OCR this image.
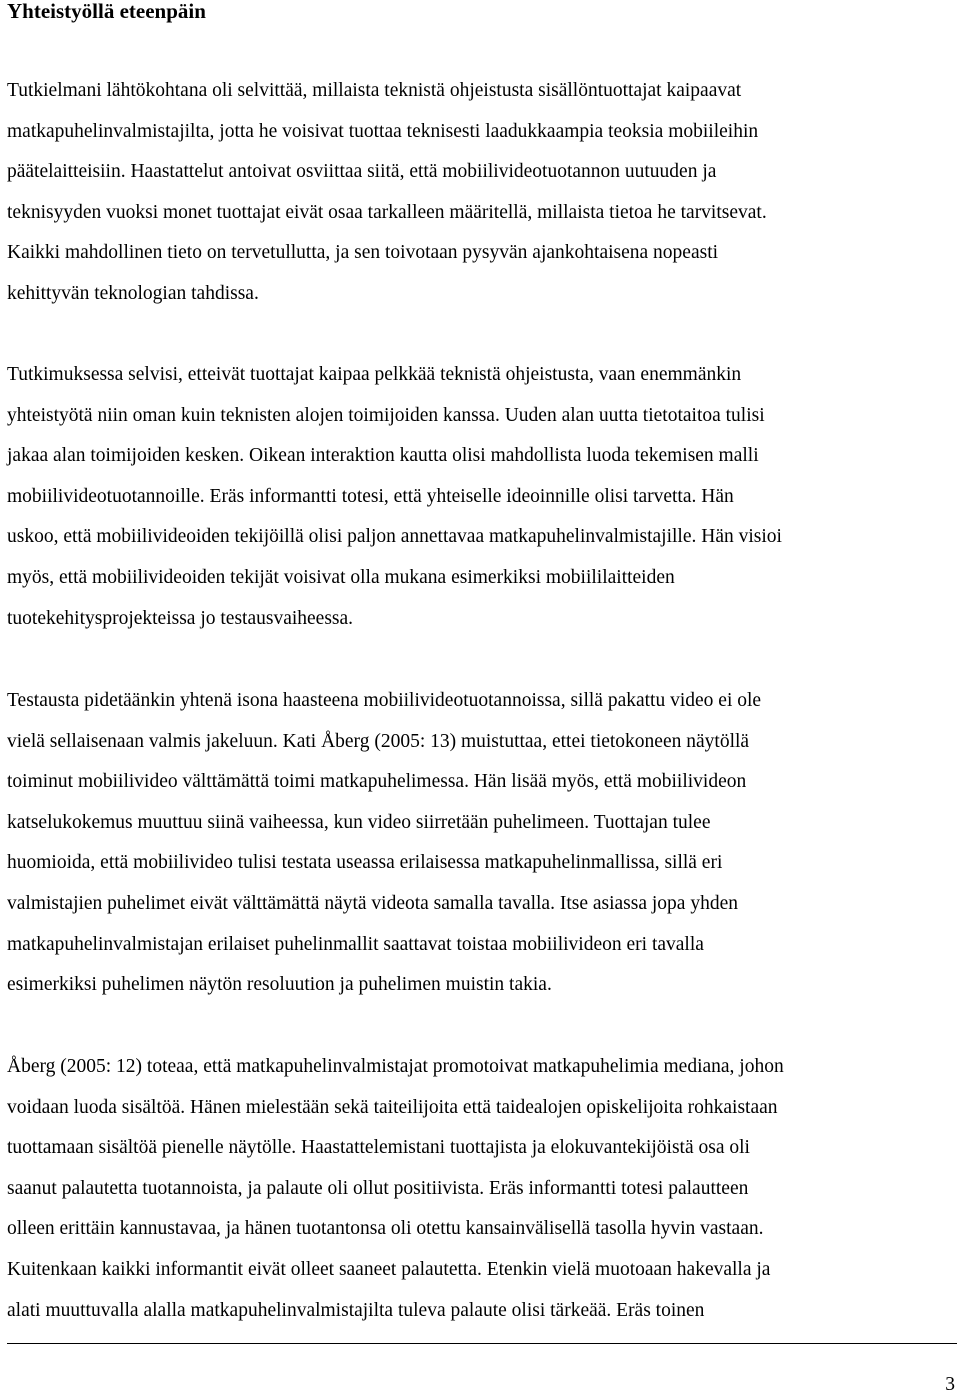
Yhteistyöllä eteenpäin
Tutkielmani lähtökohtana oli selvittää, millaista teknistä ohjeistusta sisällöntuottajat kaipaavat
matkapuhelinvalmistajilta, jotta he voisivat tuottaa teknisesti laadukkaampia teoksia mobiileihin
päätelaitteisiin. Haastattelut antoivat osviittaa siitä, että mobiilivideotuotannon uutuuden ja
teknisyyden vuoksi monet tuottajat eivät osaa tarkalleen määritellä, millaista tietoa he tarvitsevat.
Kaikki mahdollinen tieto on tervetullutta, ja sen toivotaan pysyvän ajankohtaisena nopeasti
kehittyvän teknologian tahdissa.
Tutkimuksessa selvisi, etteivät tuottajat kaipaa pelkkää teknistä ohjeistusta, vaan enemmänkin
yhteistyötä niin oman kuin teknisten alojen toimijoiden kanssa. Uuden alan uutta tietotaitoa tulisi
jakaa alan toimijoiden kesken. Oikean interaktion kautta olisi mahdollista luoda tekemisen malli
mobiilivideotuotannoille. Eräs informantti totesi, että yhteiselle ideoinnille olisi tarvetta. Hän
uskoo, että mobiilivideoiden tekijöillä olisi paljon annettavaa matkapuhelinvalmistajille. Hän visioi
myös, että mobiilivideoiden tekijät voisivat olla mukana esimerkiksi mobiililaitteiden
tuotekehitysprojekteissa jo testausvaiheessa.
Testausta pidetäänkin yhtenä isona haasteena mobiilivideotuotannoissa, sillä pakattu video ei ole
vielä sellaisenaan valmis jakeluun. Kati Åberg (2005: 13) muistuttaa, ettei tietokoneen näytöllä
toiminut mobiilivideo välttämättä toimi matkapuhelimessa. Hän lisää myös, että mobiilivideon
katselukokemus muuttuu siinä vaiheessa, kun video siirretään puhelimeen. Tuottajan tulee
huomioida, että mobiilivideo tulisi testata useassa erilaisessa matkapuhelinmallissa, sillä eri
valmistajien puhelimet eivät välttämättä näytä videota samalla tavalla. Itse asiassa jopa yhden
matkapuhelinvalmistajan erilaiset puhelinmallit saattavat toistaa mobiilivideon eri tavalla
esimerkiksi puhelimen näytön resoluution ja puhelimen muistin takia.
Åberg (2005: 12) toteaa, että matkapuhelinvalmistajat promotoivat matkapuhelimia mediana, johon
voidaan luoda sisältöä. Hänen mielestään sekä taiteilijoita että taidealojen opiskelijoita rohkaistaan
tuottamaan sisältöä pienelle näytölle. Haastattelemistani tuottajista ja elokuvantekijöistä osa oli
saanut palautetta tuotannoista, ja palaute oli ollut positiivista. Eräs informantti totesi palautteen
olleen erittäin kannustavaa, ja hänen tuotantonsa oli otettu kansainvälisellä tasolla hyvin vastaan.
Kuitenkaan kaikki informantit eivät olleet saaneet palautetta. Etenkin vielä muotoaan hakevalla ja
alati muuttuvalla alalla matkapuhelinvalmistajilta tuleva palaute olisi tärkeää. Eräs toinen
3
